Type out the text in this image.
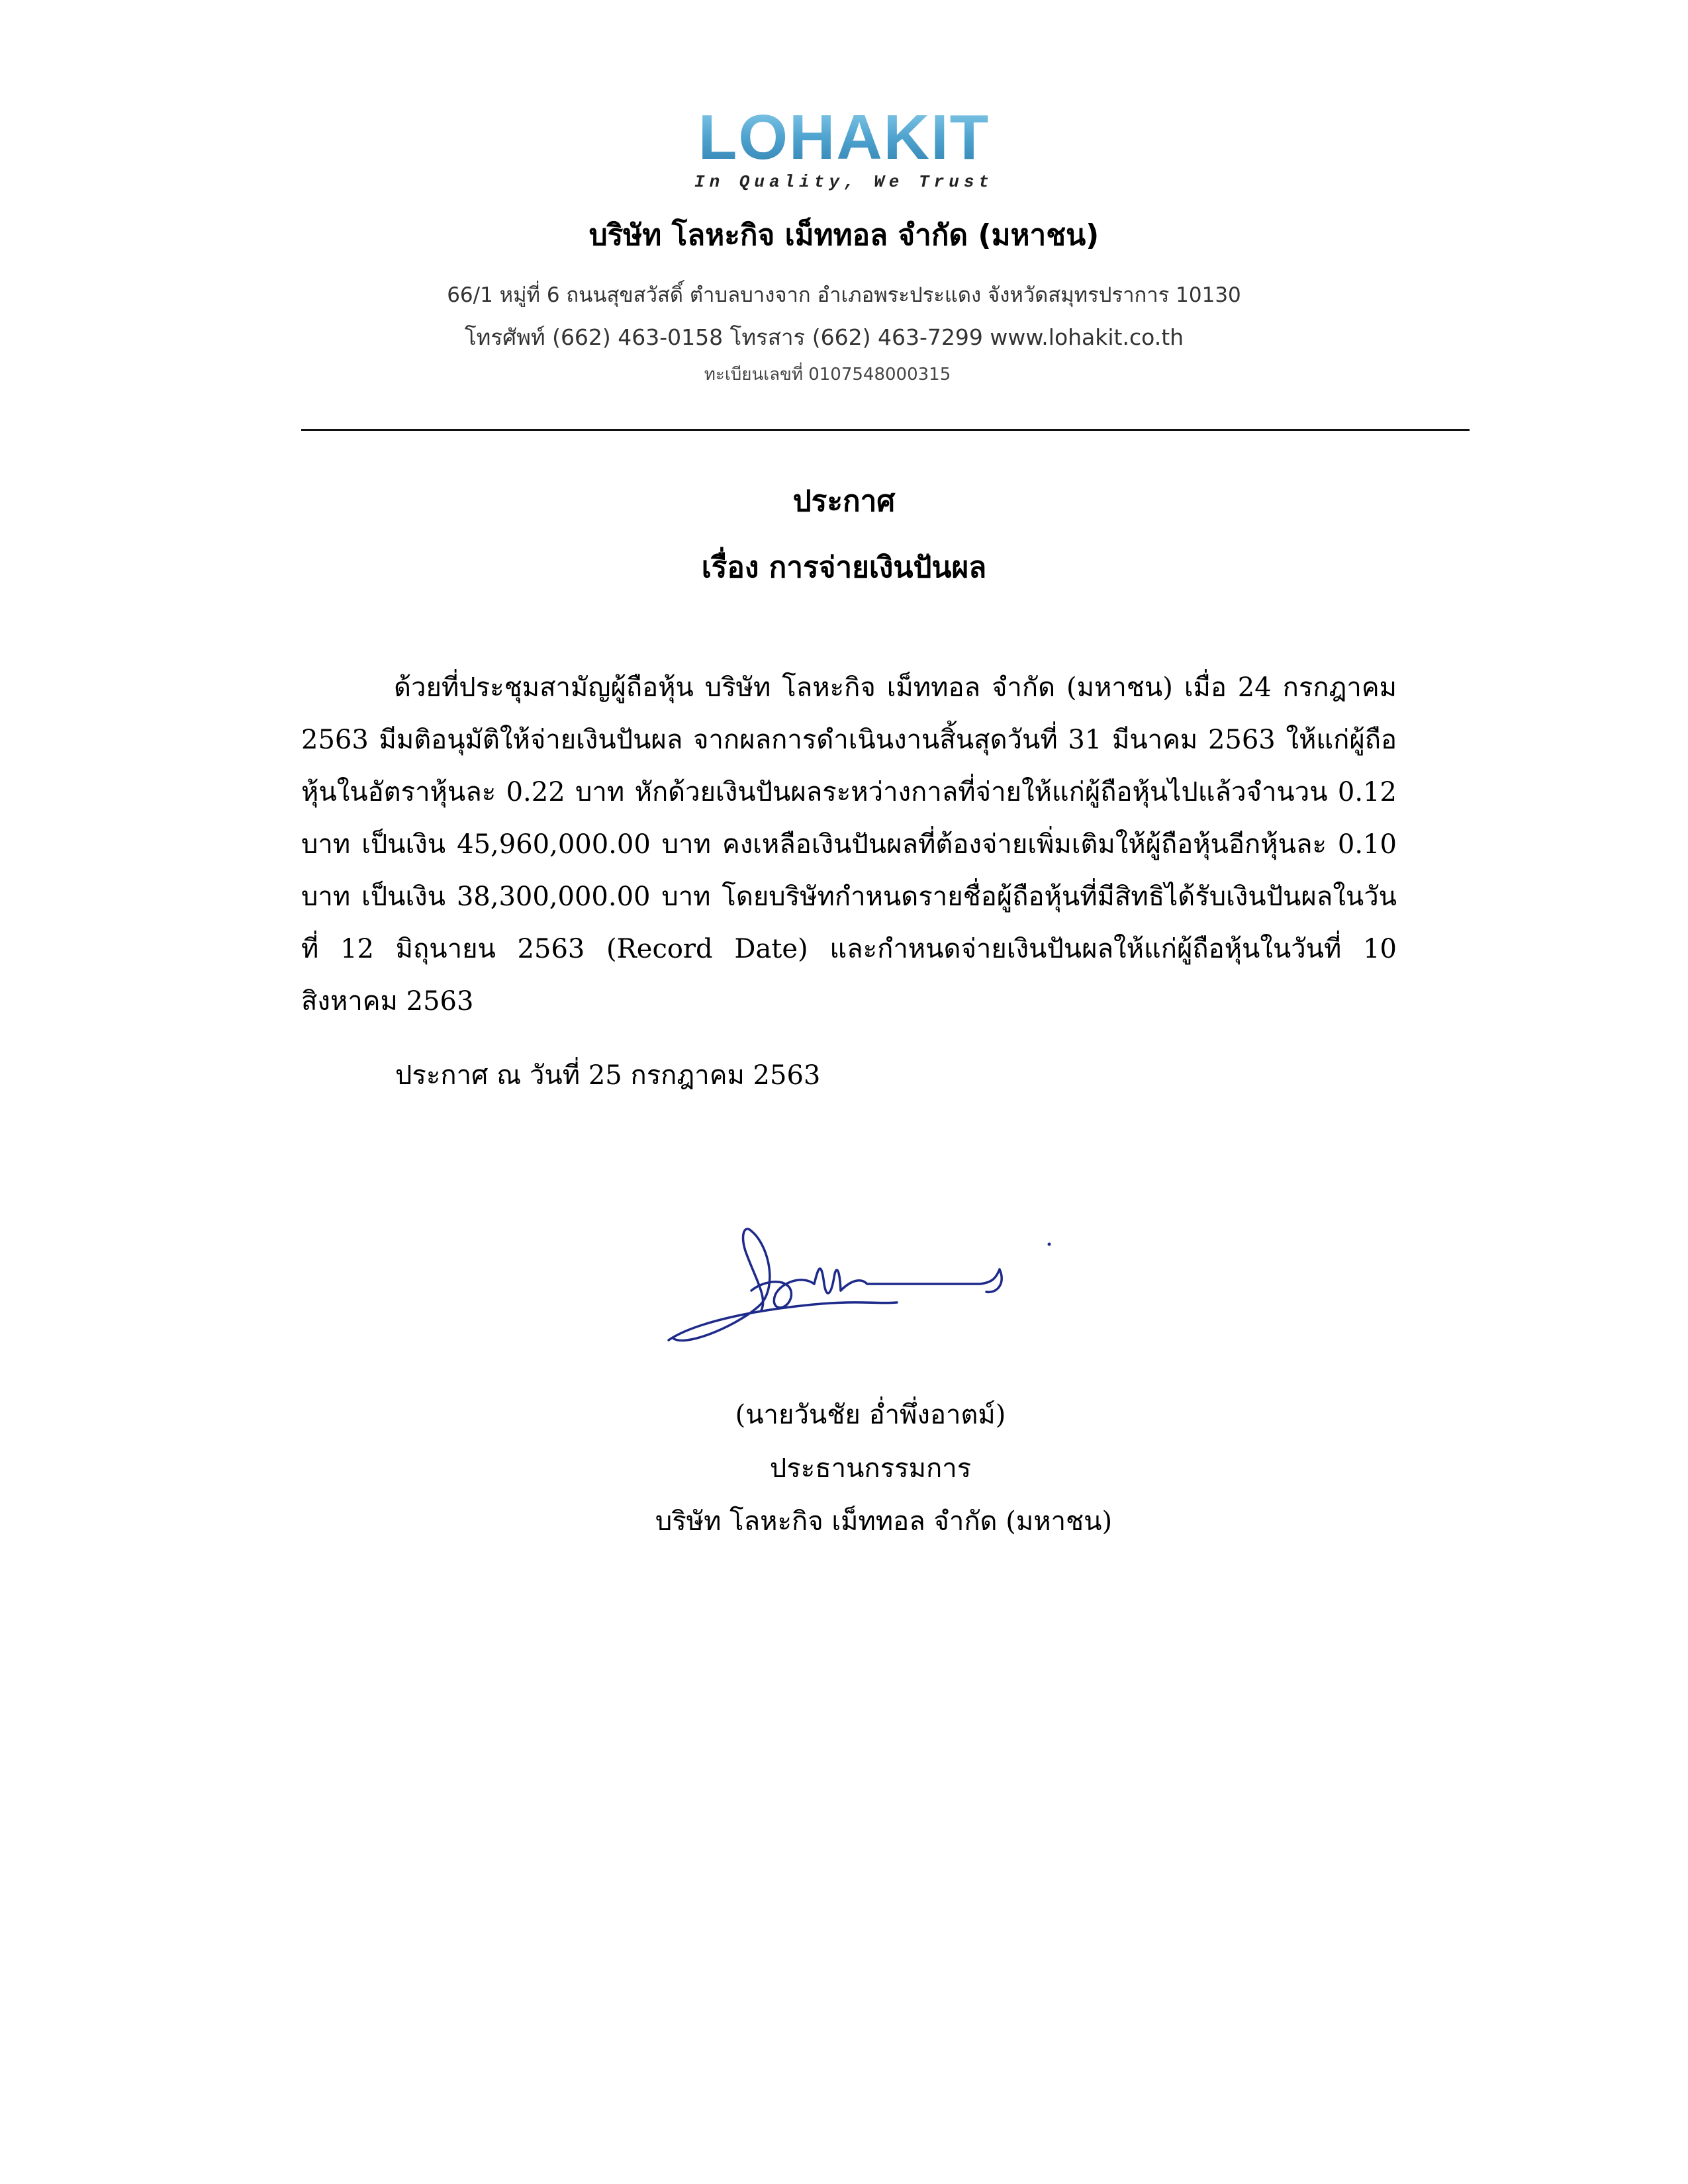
LOHAKIT
In Quality, We Trust
บริษัท โลหะกิจ เม็ททอล จำกัด (มหาชน)
66/1 หมู่ที่ 6 ถนนสุขสวัสดิ์ ตำบลบางจาก อำเภอพระประแดง จังหวัดสมุทรปราการ 10130
โทรศัพท์ (662) 463-0158 โทรสาร (662) 463-7299 www.lohakit.co.th
ทะเบียนเลขที่ 0107548000315
ประกาศ
เรื่อง การจ่ายเงินปันผล

ด้วยที่ประชุมสามัญผู้ถือหุ้น บริษัท โลหะกิจ เม็ททอล จำกัด (มหาชน) เมื่อ 24 กรกฎาคม 2563 มีมติอนุมัติให้จ่ายเงินปันผล จากผลการดำเนินงานสิ้นสุดวันที่ 31 มีนาคม 2563 ให้แก่ผู้ถือหุ้นในอัตราหุ้นละ 0.22 บาท หักด้วยเงินปันผลระหว่างกาลที่จ่ายให้แก่ผู้ถือหุ้นไปแล้วจำนวน 0.12 บาท เป็นเงิน 45,960,000.00 บาท คงเหลือเงินปันผลที่ต้องจ่ายเพิ่มเติมให้ผู้ถือหุ้นอีกหุ้นละ 0.10 บาท เป็นเงิน 38,300,000.00 บาท โดยบริษัทกำหนดรายชื่อผู้ถือหุ้นที่มีสิทธิได้รับเงินปันผลในวันที่ 12 มิถุนายน 2563 (Record Date) และกำหนดจ่ายเงินปันผลให้แก่ผู้ถือหุ้นในวันที่ 10 สิงหาคม 2563

ประกาศ ณ วันที่ 25 กรกฎาคม 2563
(นายวันชัย อ่ำพึ่งอาตม์)
ประธานกรรมการ
บริษัท โลหะกิจ เม็ททอล จำกัด (มหาชน)
